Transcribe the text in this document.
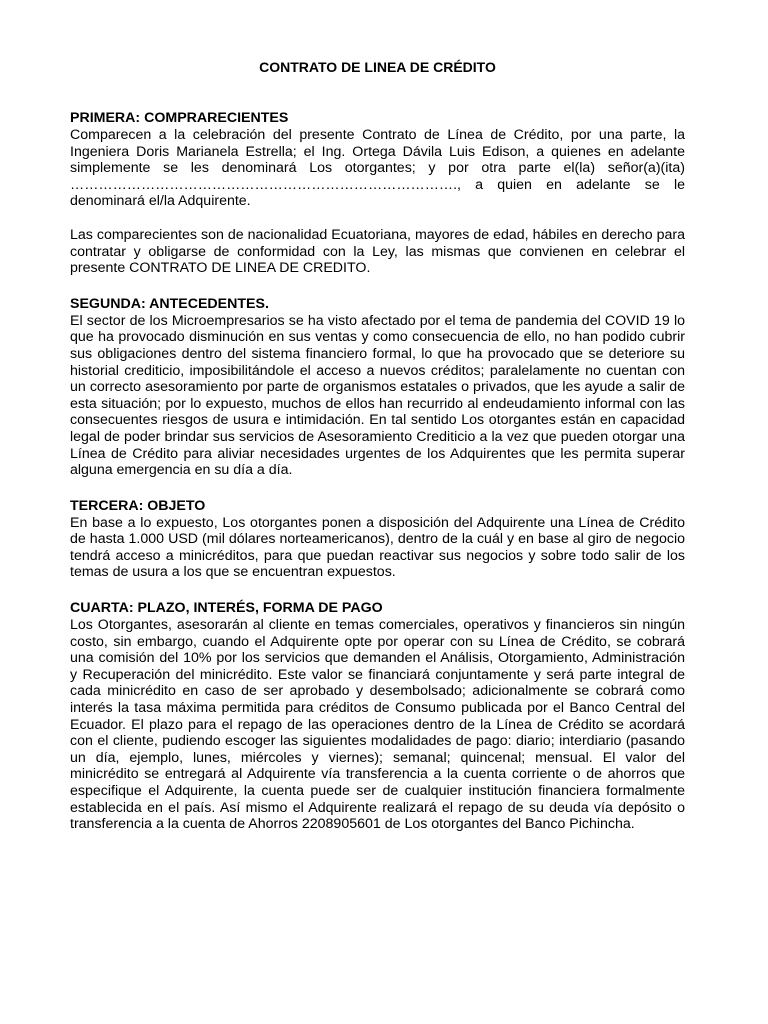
CONTRATO DE LINEA DE CRÉDITO
PRIMERA: COMPRARECIENTES

Comparecen a la celebración del presente Contrato de Línea de Crédito, por una parte, la Ingeniera Doris Marianela Estrella; el Ing. Ortega Dávila Luis Edison, a quienes en adelante simplemente se les denominará Los otorgantes; y por otra parte el(la) señor(a)(ita) ………………………………………………………………………., a quien en adelante se le denominará el/la Adquirente.

Las comparecientes son de nacionalidad Ecuatoriana, mayores de edad, hábiles en derecho para contratar y obligarse de conformidad con la Ley, las mismas que convienen en celebrar el presente CONTRATO DE LINEA DE CREDITO.

SEGUNDA: ANTECEDENTES.

El sector de los Microempresarios se ha visto afectado por el tema de pandemia del COVID 19 lo que ha provocado disminución en sus ventas y como consecuencia de ello, no han podido cubrir sus obligaciones dentro del sistema financiero formal, lo que ha provocado que se deteriore su historial crediticio, imposibilitándole el acceso a nuevos créditos; paralelamente no cuentan con un correcto asesoramiento por parte de organismos estatales o privados, que les ayude a salir de esta situación; por lo expuesto, muchos de ellos han recurrido al endeudamiento informal con las consecuentes riesgos de usura e intimidación. En tal sentido Los otorgantes están en capacidad legal de poder brindar sus servicios de Asesoramiento Crediticio a la vez que pueden otorgar una Línea de Crédito para aliviar necesidades urgentes de los Adquirentes que les permita superar alguna emergencia en su día a día.

TERCERA: OBJETO

En base a lo expuesto, Los otorgantes ponen a disposición del Adquirente una Línea de Crédito de hasta 1.000 USD (mil dólares norteamericanos), dentro de la cuál y en base al giro de negocio tendrá acceso a minicréditos, para que puedan reactivar sus negocios y sobre todo salir de los temas de usura a los que se encuentran expuestos.

CUARTA: PLAZO, INTERÉS, FORMA DE PAGO

Los Otorgantes, asesorarán al cliente en temas comerciales, operativos y financieros sin ningún costo, sin embargo, cuando el Adquirente opte por operar con su Línea de Crédito, se cobrará una comisión del 10% por los servicios que demanden el Análisis, Otorgamiento, Administración y Recuperación del minicrédito. Este valor se financiará conjuntamente y será parte integral de cada minicrédito en caso de ser aprobado y desembolsado; adicionalmente se cobrará como interés la tasa máxima permitida para créditos de Consumo publicada por el Banco Central del Ecuador. El plazo para el repago de las operaciones dentro de la Línea de Crédito se acordará con el cliente, pudiendo escoger las siguientes modalidades de pago: diario; interdiario (pasando un día, ejemplo, lunes, miércoles y viernes); semanal; quincenal; mensual. El valor del minicrédito se entregará al Adquirente vía transferencia a la cuenta corriente o de ahorros que especifique el Adquirente, la cuenta puede ser de cualquier institución financiera formalmente establecida en el país. Así mismo el Adquirente realizará el repago de su deuda vía depósito o transferencia a la cuenta de Ahorros 2208905601 de Los otorgantes del Banco Pichincha.
